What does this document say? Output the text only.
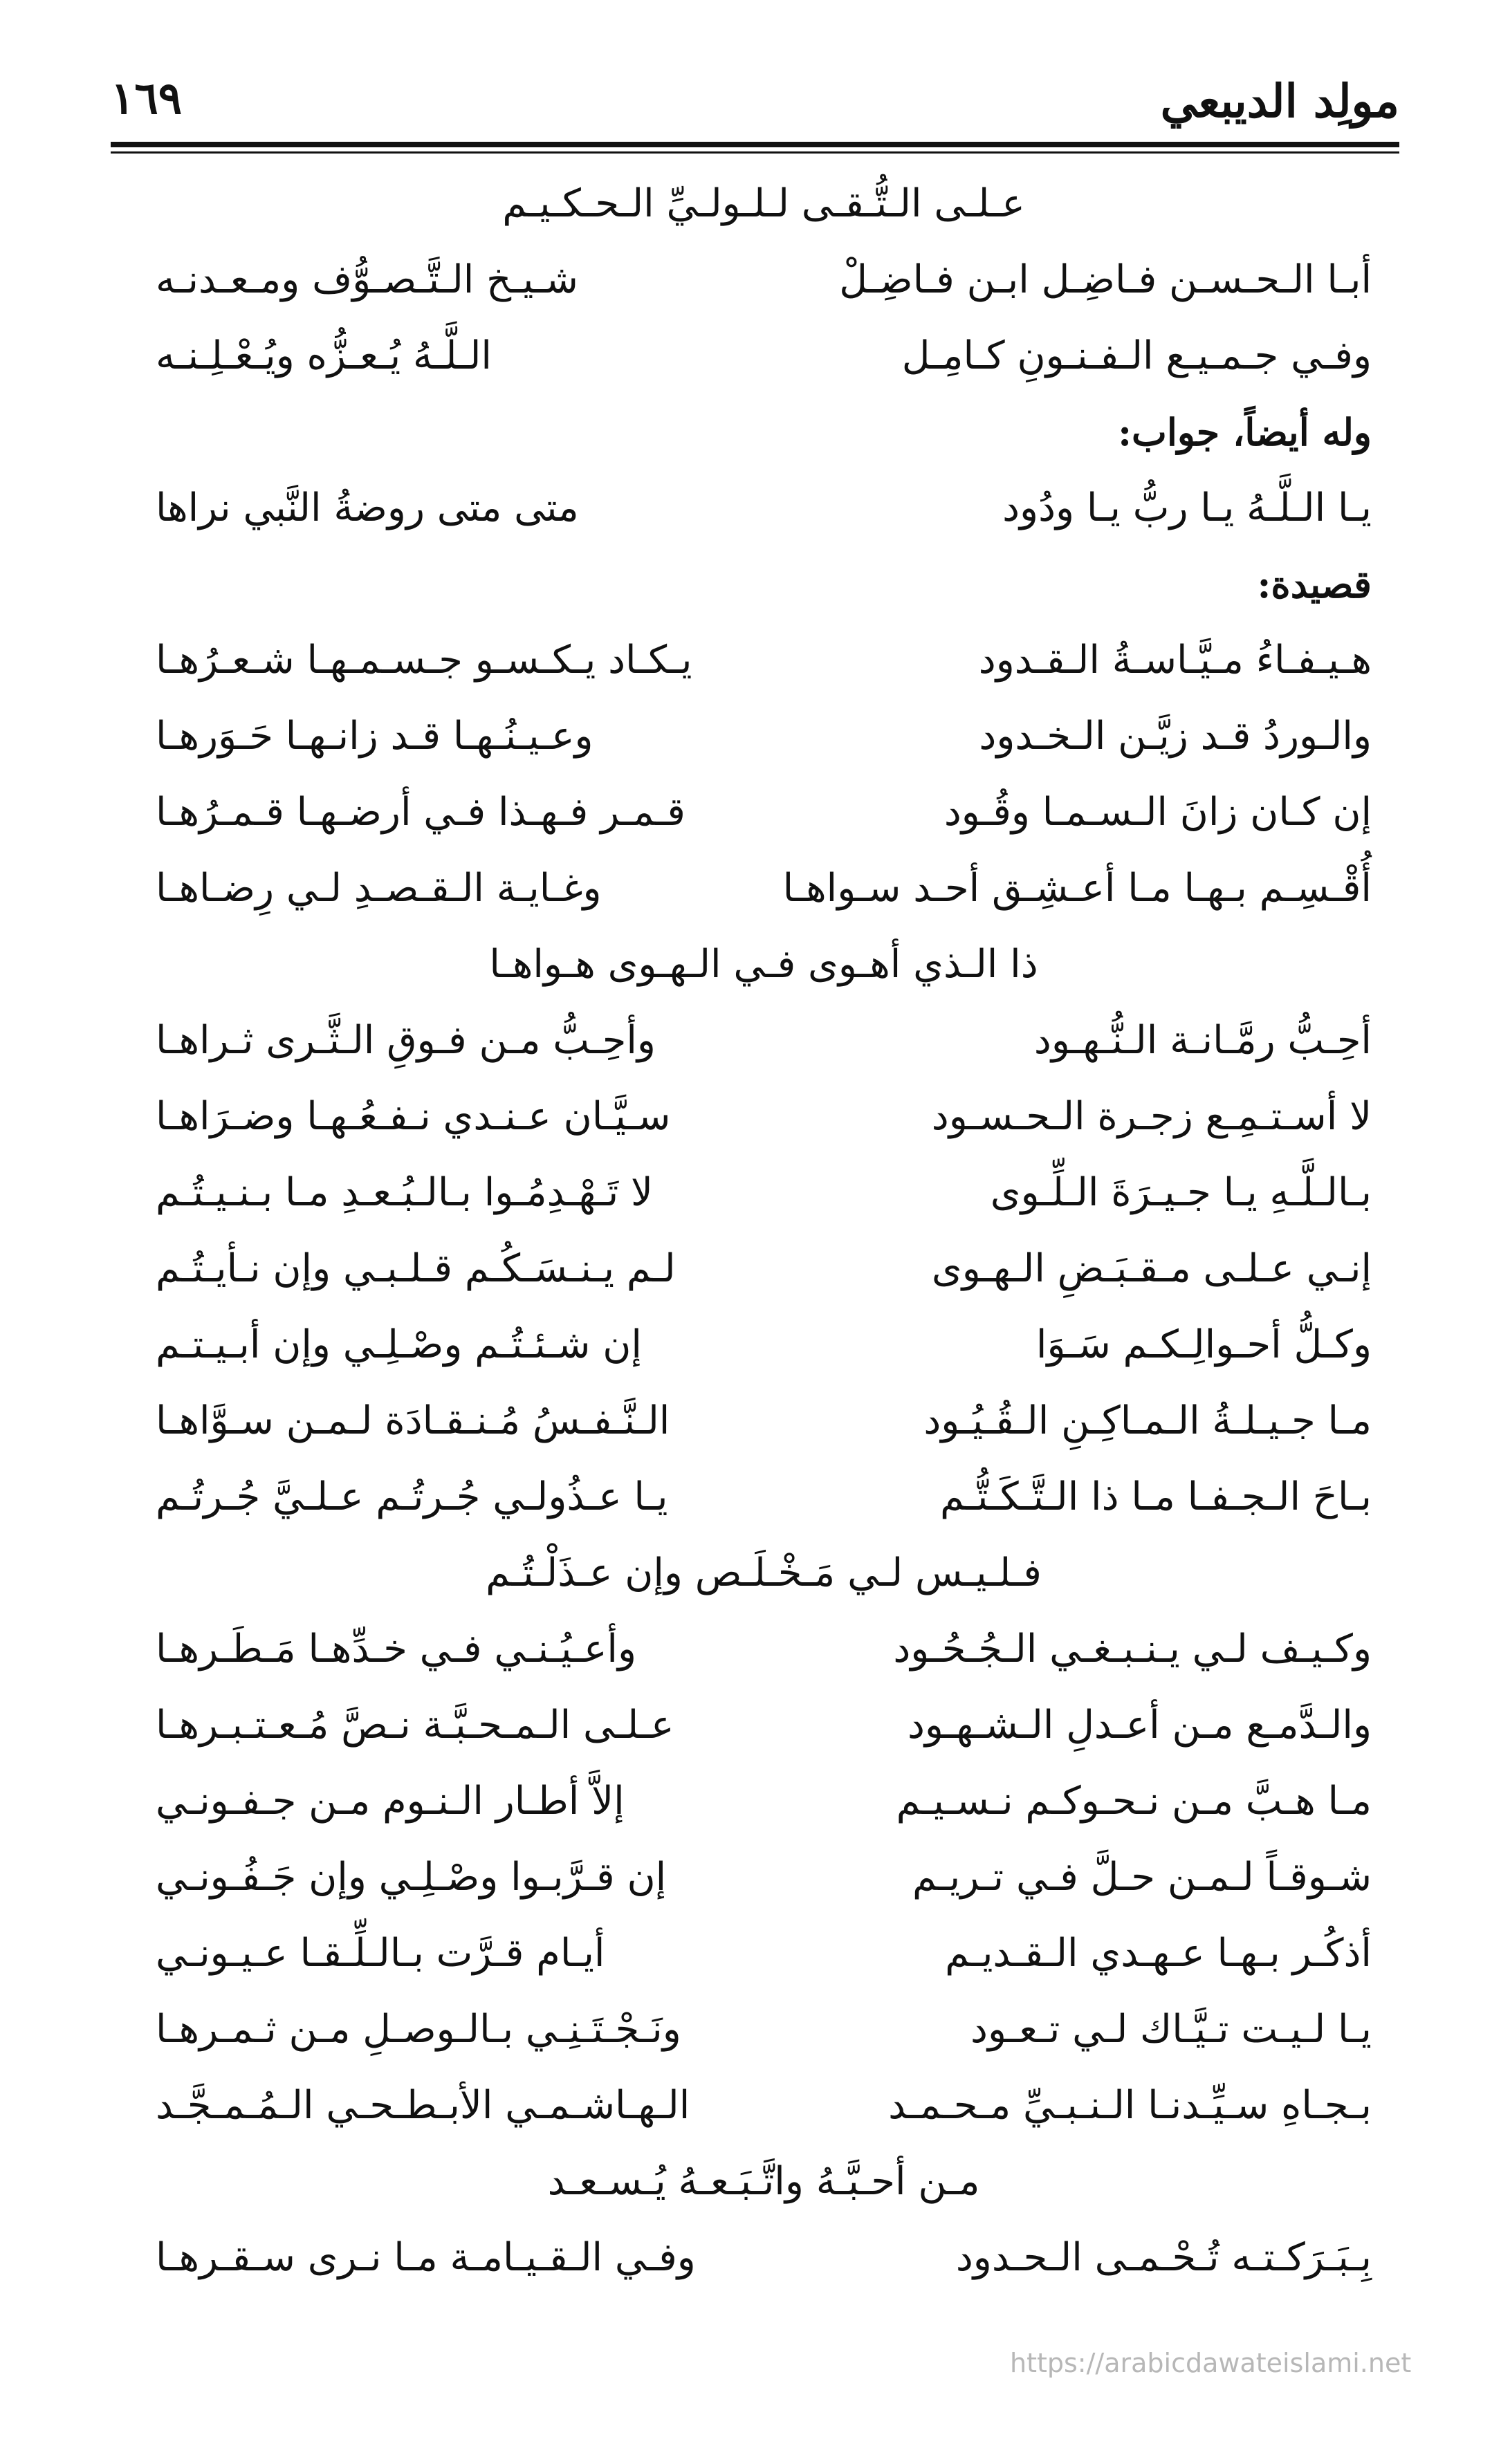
١٦٩	مولِد الديبعي
عـلـى الـتُّـقـى لـلـولـيِّ الـحـكـيـم
أبـا الـحـسـن فـاضِـل ابـن فـاضِـلْ
شـيـخ الـتَّـصـوُّف ومـعـدنـه
وفـي جـمـيـع الـفـنـونِ كـامِـل
الـلَّـهُ يُـعـزُّه ويُـعْـلِـنـه
وله أيضاً، جواب:
يـا الـلَّـهُ يـا ربُّ يـا ودُود
متى متى روضةُ النَّبي نراها
قصيدة:
هـيـفـاءُ مـيَّـاسـةُ الـقـدود
يـكـاد يـكـسـو جـسـمـهـا شـعـرُهـا
والـوردُ قـد زيَّـن الـخـدود
وعـيـنُـهـا قـد زانـهـا حَـوَرهـا
إن كـان زانَ الـسـمـا وقُـود
قـمـر فـهـذا فـي أرضـهـا قـمـرُهـا
أُقْـسِـم بـهـا مـا أعـشِـق أحـد سـواهـا
وغـايـة الـقـصـدِ لـي رِضـاهـا
ذا الـذي أهـوى فـي الـهـوى هـواهـا
أحِـبُّ رمَّـانـة الـنُّـهـود
وأحِـبُّ مـن فـوقِ الـثَّـرى ثـراهـا
لا أسـتـمِـع زجـرة الـحـسـود
سـيَّـان عـنـدي نـفـعُـهـا وضـرَاهـا
بـالـلَّـهِ يـا جـيـرَةَ الـلِّـوى
لا تَـهْـدِمُـوا بـالـبُـعـدِ مـا بـنـيـتُـم
إنـي عـلـى مـقـبَـضِ الـهـوى
لـم يـنـسَـكُـم قـلـبـي وإن نـأيـتُـم
وكـلُّ أحـوالِـكـم سَـوَا
إن شـئـتُـم وصْـلِـي وإن أبـيـتـم
مـا جـيـلـةُ الـمـاكِـنِ الـقُـيُـود
الـنَّـفـسُ مُـنـقـادَة لـمـن سـوَّاهـا
بـاحَ الـجـفـا مـا ذا الـتَّـكَـتُّـم
يـا عـذُولـي جُـرتُـم عـلـيَّ جُـرتُـم
فـلـيـس لـي مَـخْـلَـص وإن عـذَلْـتُـم
وكـيـف لـي يـنـبـغـي الـجُـحُـود
وأعـيُـنـي فـي خـدِّهـا مَـطَـرهـا
والـدَّمـع مـن أعـدلِ الـشـهـود
عـلـى الـمـحـبَّـة نـصَّ مُـعـتـبـرهـا
مـا هـبَّ مـن نـحـوكـم نـسـيـم
إلاَّ أطـار الـنـوم مـن جـفـونـي
شـوقـاً لـمـن حـلَّ فـي تـريـم
إن قـرَّبـوا وصْـلِـي وإن جَـفُـونـي
أذكُـر بـهـا عـهـدي الـقـديـم
أيـام قـرَّت بـالـلِّـقـا عـيـونـي
يـا لـيـت تـيَّـاك لـي تـعـود
ونَـجْـتَـنِـي بـالـوصـلِ مـن ثـمـرهـا
بـجـاهِ سـيِّـدنـا الـنـبـيِّ مـحـمـد
الـهـاشـمـي الأبـطـحـي الـمُـمـجَّـد
مـن أحـبَّـهُ واتَّـبَـعـهُ يُـسـعـد
بِـبَـرَكـتـه تُـحْـمـى الـحـدود
وفـي الـقـيـامـة مـا نـرى سـقـرهـا
https://arabicdawateislami.net
